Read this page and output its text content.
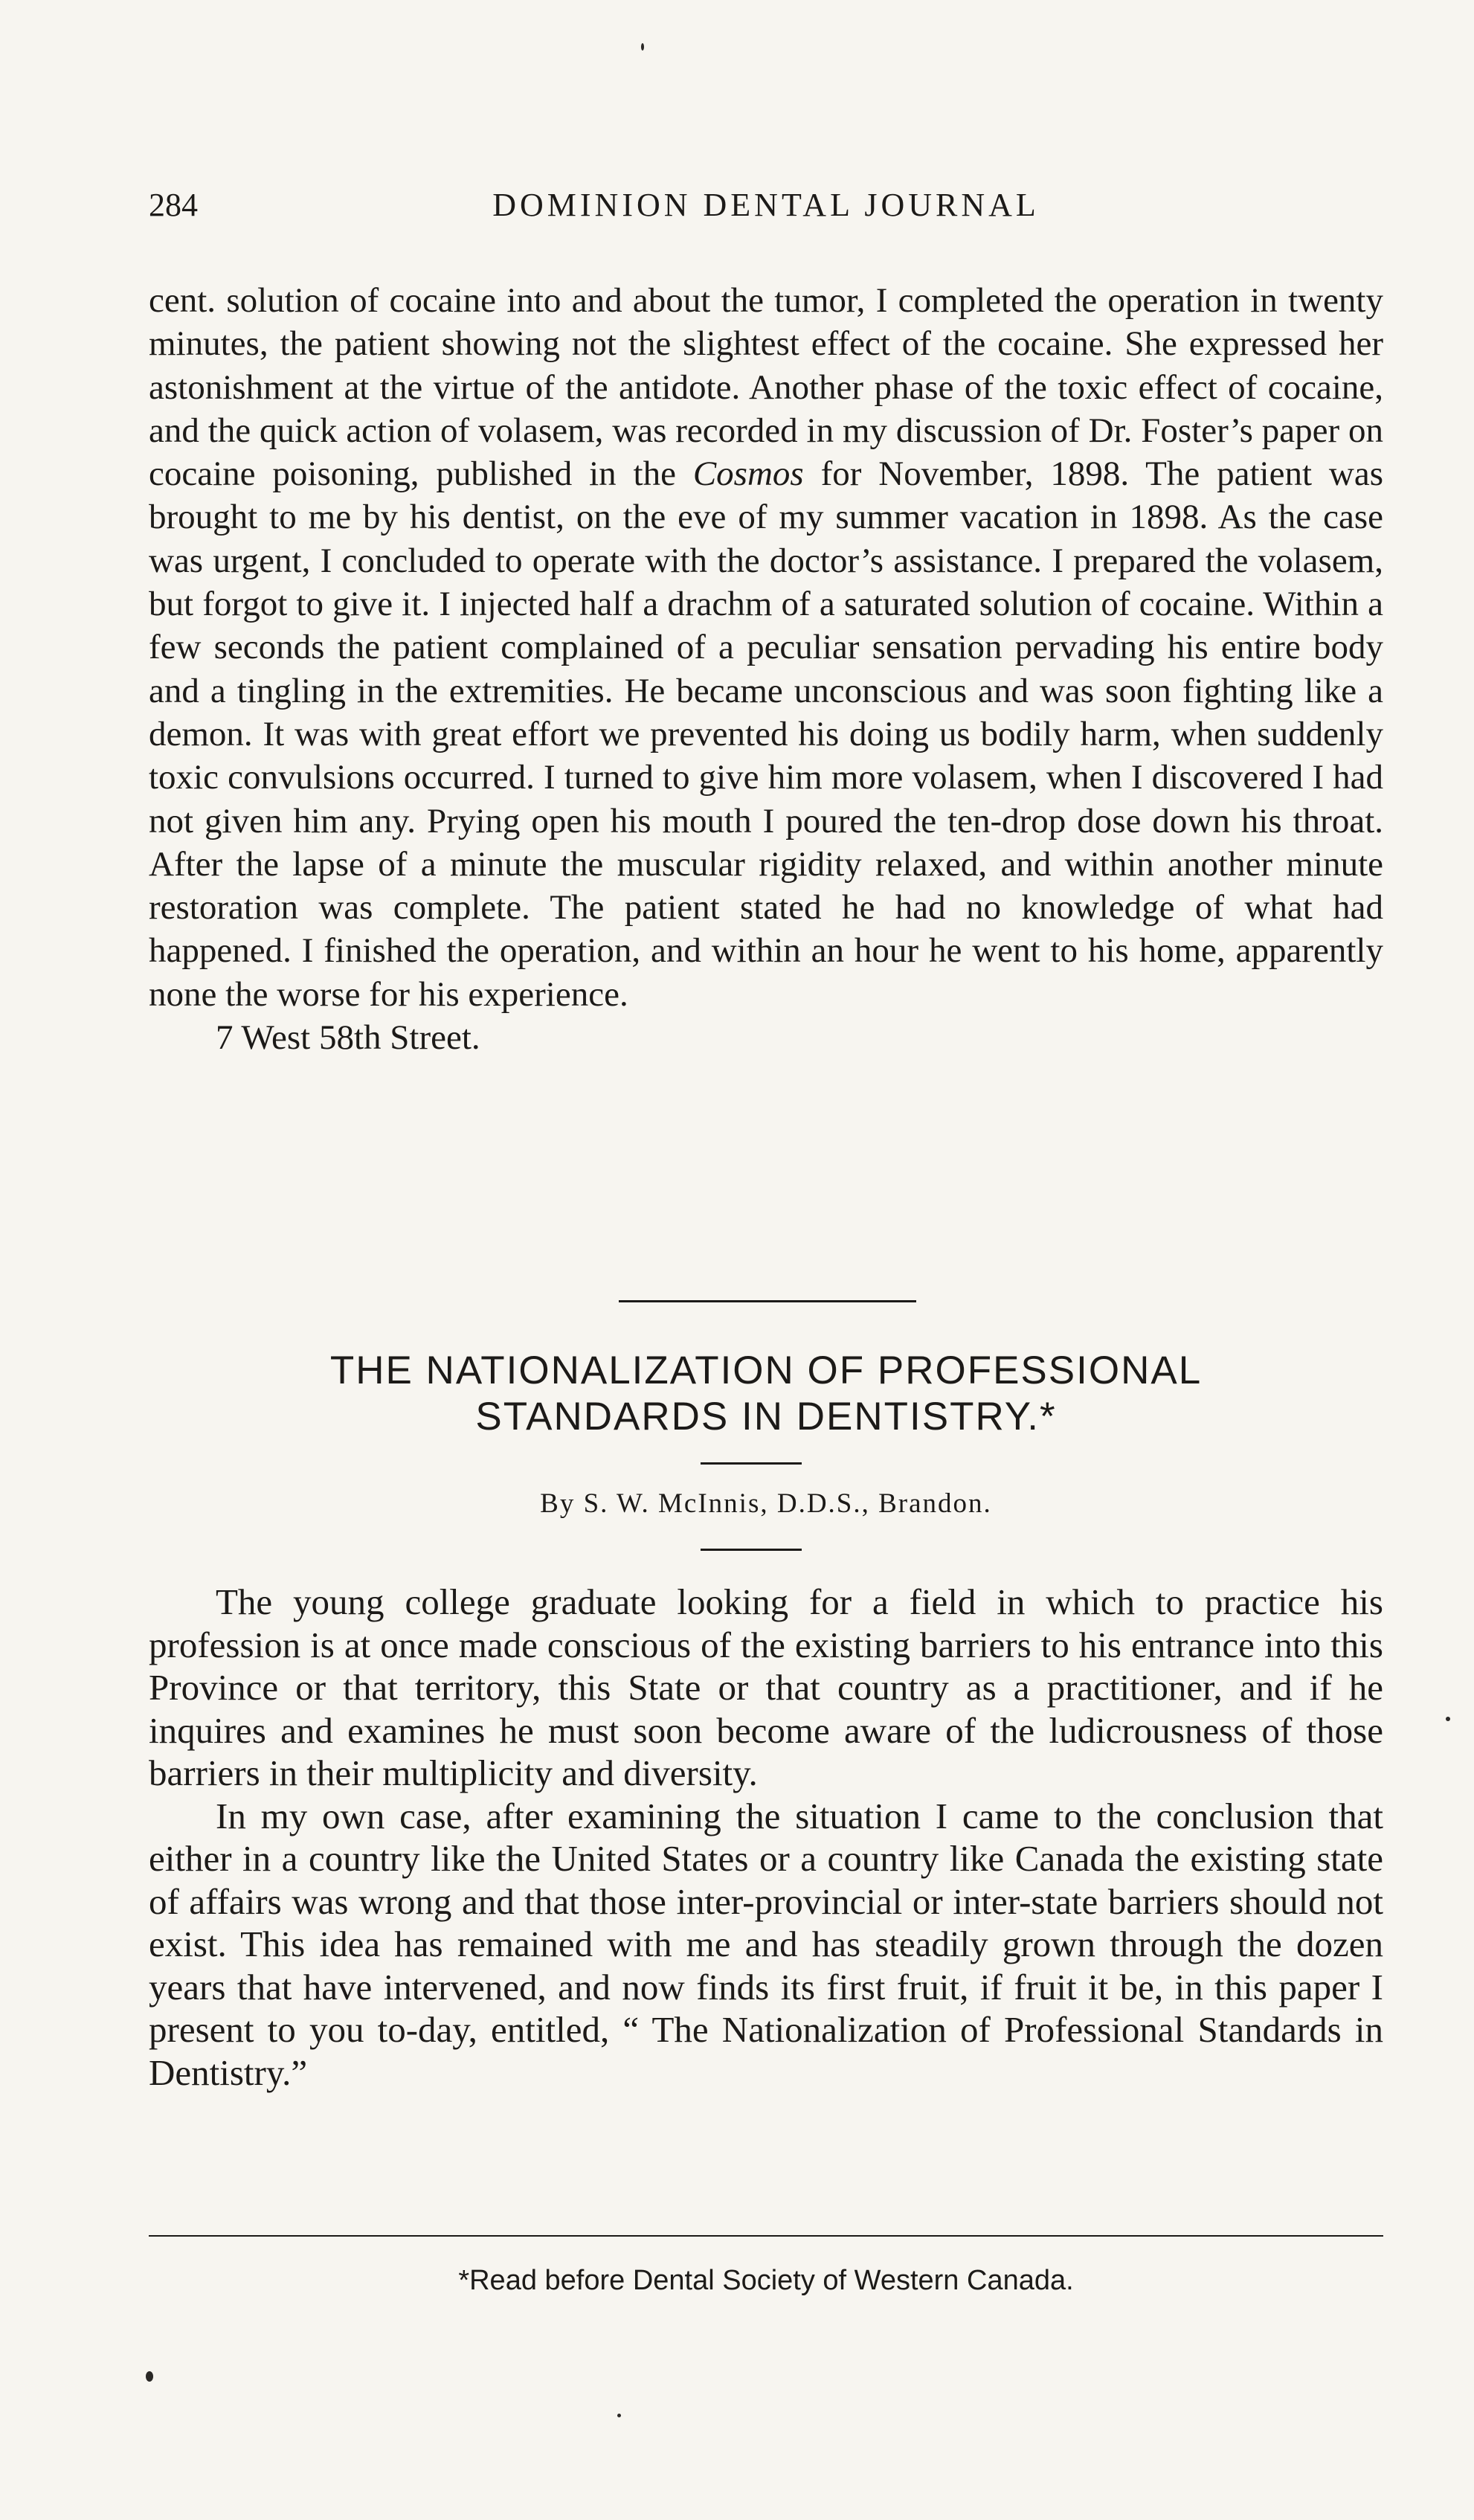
284	DOMINION DENTAL JOURNAL

cent. solution of cocaine into and about the tumor, I completed the operation in twenty minutes, the patient showing not the slightest effect of the cocaine. She expressed her astonishment at the virtue of the antidote. Another phase of the toxic effect of cocaine, and the quick action of volasem, was recorded in my discussion of Dr. Foster’s paper on cocaine poisoning, published in the Cosmos for November, 1898. The patient was brought to me by his dentist, on the eve of my summer vacation in 1898. As the case was urgent, I concluded to operate with the doctor’s assistance. I prepared the volasem, but forgot to give it. I injected half a drachm of a saturated solution of cocaine. Within a few seconds the patient complained of a peculiar sensation pervading his entire body and a tingling in the extremities. He became unconscious and was soon fighting like a demon. It was with great effort we prevented his doing us bodily harm, when suddenly toxic convulsions occurred. I turned to give him more volasem, when I discovered I had not given him any. Prying open his mouth I poured the ten-drop dose down his throat. After the lapse of a minute the muscular rigidity relaxed, and within another minute restoration was complete. The patient stated he had no knowledge of what had happened. I finished the operation, and within an hour he went to his home, apparently none the worse for his experience.

7 West 58th Street.

THE NATIONALIZATION OF PROFESSIONAL
STANDARDS IN DENTISTRY.*
By S. W. McInnis, D.D.S., Brandon.

The young college graduate looking for a field in which to practice his profession is at once made conscious of the existing barriers to his entrance into this Province or that territory, this State or that country as a practitioner, and if he inquires and examines he must soon become aware of the ludicrousness of those barriers in their multiplicity and diversity.

In my own case, after examining the situation I came to the conclusion that either in a country like the United States or a country like Canada the existing state of affairs was wrong and that those inter-provincial or inter-state barriers should not exist. This idea has remained with me and has steadily grown through the dozen years that have intervened, and now finds its first fruit, if fruit it be, in this paper I present to you to-day, entitled, “ The Nationalization of Professional Standards in Dentistry.”

*Read before Dental Society of Western Canada.
